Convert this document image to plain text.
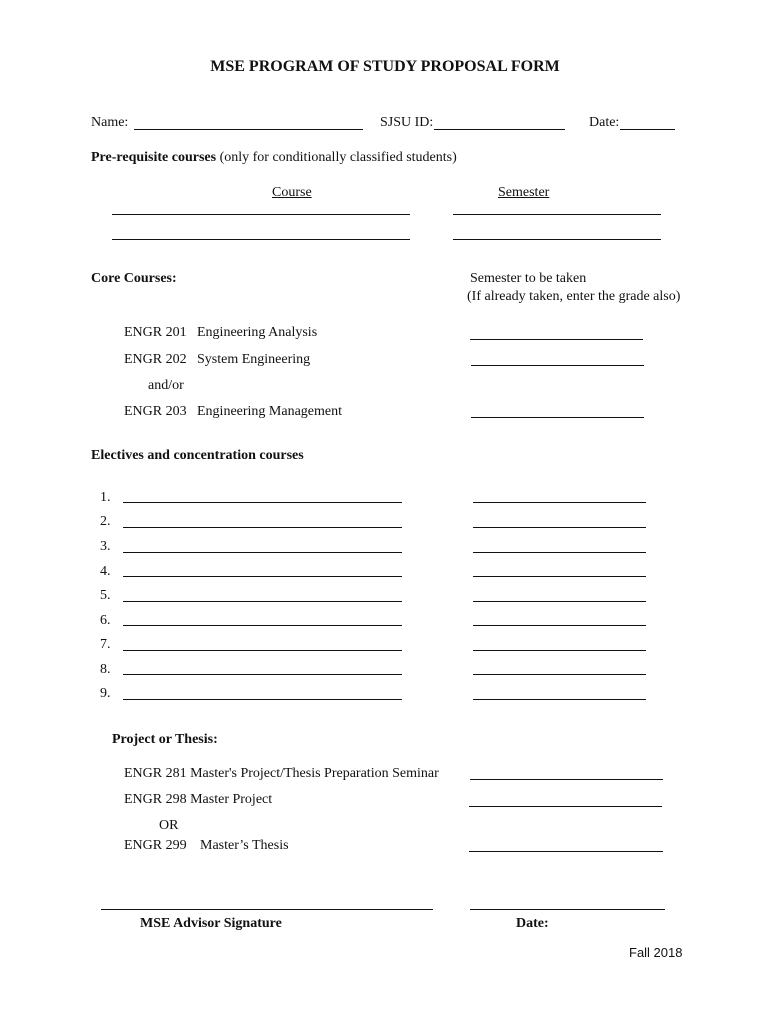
MSE PROGRAM OF STUDY PROPOSAL FORM
Name:	SJSU ID:	Date:
Pre-requisite courses (only for conditionally classified students)
Course	Semester
Core Courses:	Semester to be taken
(If already taken, enter the grade also)
ENGR 201 Engineering Analysis
ENGR 202 System Engineering
and/or
ENGR 203 Engineering Management
Electives and concentration courses
1.
2.
3.
4.
5.
6.
7.
8.
9.
Project or Thesis:
ENGR 281 Master's Project/Thesis Preparation Seminar
ENGR 298 Master Project
OR
ENGR 299 Master’s Thesis
MSE Advisor Signature	Date:
Fall 2018
